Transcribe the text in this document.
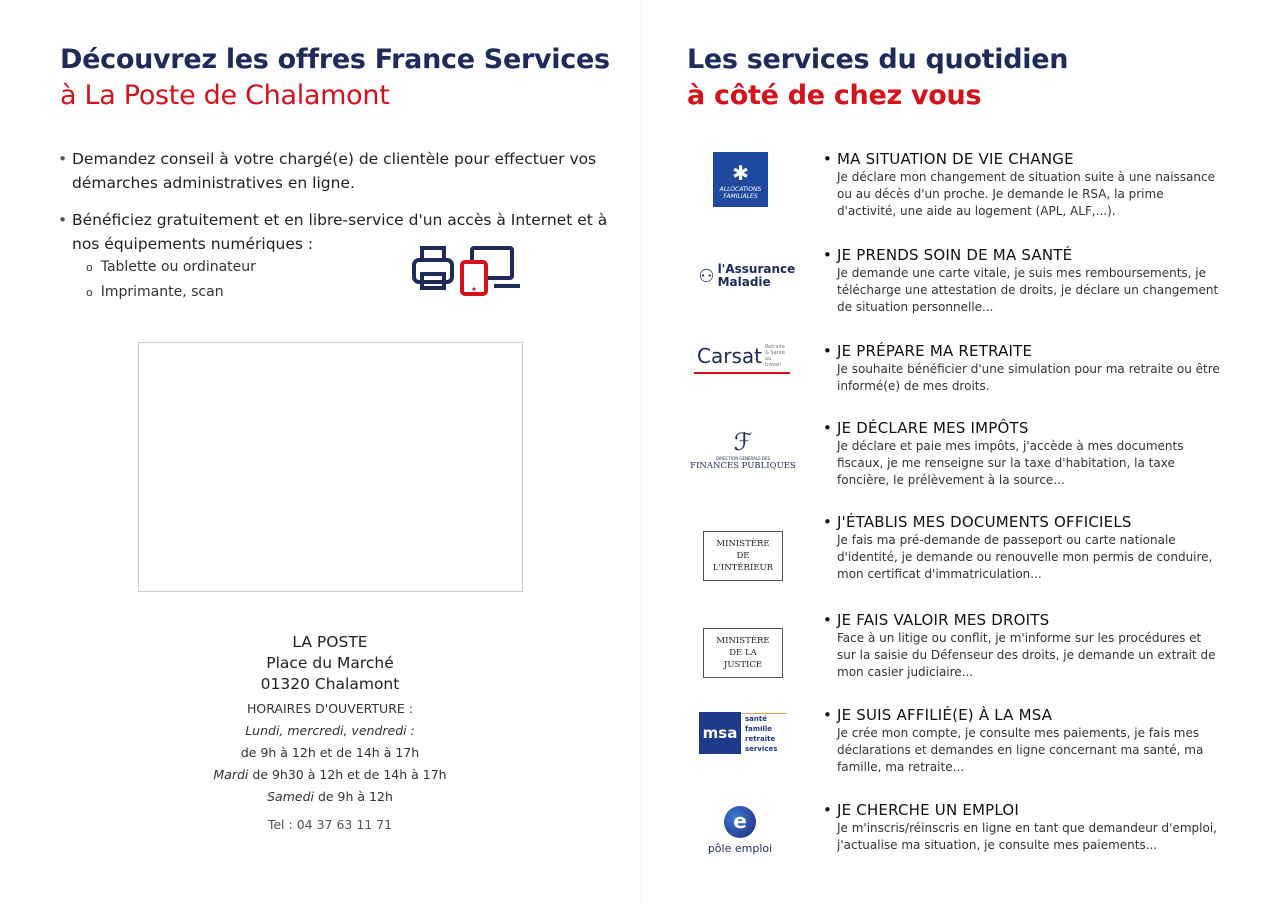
Découvrez les offres France Services
à La Poste de Chalamont
• Demandez conseil à votre chargé(e) de clientèle pour effectuer vos démarches administratives en ligne.
• Bénéficiez gratuitement et en libre-service d'un accès à Internet et à nos équipements numériques :
o Tablette ou ordinateur
o Imprimante, scan
LA POSTE
Place du Marché
01320 Chalamont
HORAIRES D'OUVERTURE :
Lundi, mercredi, vendredi :
de 9h à 12h et de 14h à 17h
Mardi de 9h30 à 12h et de 14h à 17h
Samedi de 9h à 12h
Tel : 04 37 63 11 71
Les services du quotidien
à côté de chez vous
✱
ALLOCATIONS FAMILIALES
⚇ l'Assurance Maladie
Carsat Retraite & Santé au travail
ℱ
DIRECTION GÉNÉRALE DES
FINANCES PUBLIQUES
MINISTÈRE DE L'INTÉRIEUR
MINISTÈRE DE LA JUSTICE
msa
santé famille retraite services
e
pôle emploi
• MA SITUATION DE VIE CHANGE

Je déclare mon changement de situation suite à une naissance ou au décès d'un proche. Je demande le RSA, la prime d'activité, une aide au logement (APL, ALF,...).

• JE PRENDS SOIN DE MA SANTÉ

Je demande une carte vitale, je suis mes remboursements, je télécharge une attestation de droits, je déclare un changement de situation personnelle...

• JE PRÉPARE MA RETRAITE

Je souhaite bénéficier d'une simulation pour ma retraite ou être informé(e) de mes droits.

• JE DÉCLARE MES IMPÔTS

Je déclare et paie mes impôts, j'accède à mes documents fiscaux, je me renseigne sur la taxe d'habitation, la taxe foncière, le prélèvement à la source...

• J'ÉTABLIS MES DOCUMENTS OFFICIELS

Je fais ma pré-demande de passeport ou carte nationale d'identité, je demande ou renouvelle mon permis de conduire, mon certificat d'immatriculation...

• JE FAIS VALOIR MES DROITS

Face à un litige ou conflit, je m'informe sur les procédures et sur la saisie du Défenseur des droits, je demande un extrait de mon casier judiciaire...

• JE SUIS AFFILIÉ(E) À LA MSA

Je crée mon compte, je consulte mes paiements, je fais mes déclarations et demandes en ligne concernant ma santé, ma famille, ma retraite...

• JE CHERCHE UN EMPLOI

Je m'inscris/réinscris en ligne en tant que demandeur d'emploi, j'actualise ma situation, je consulte mes paiements...
